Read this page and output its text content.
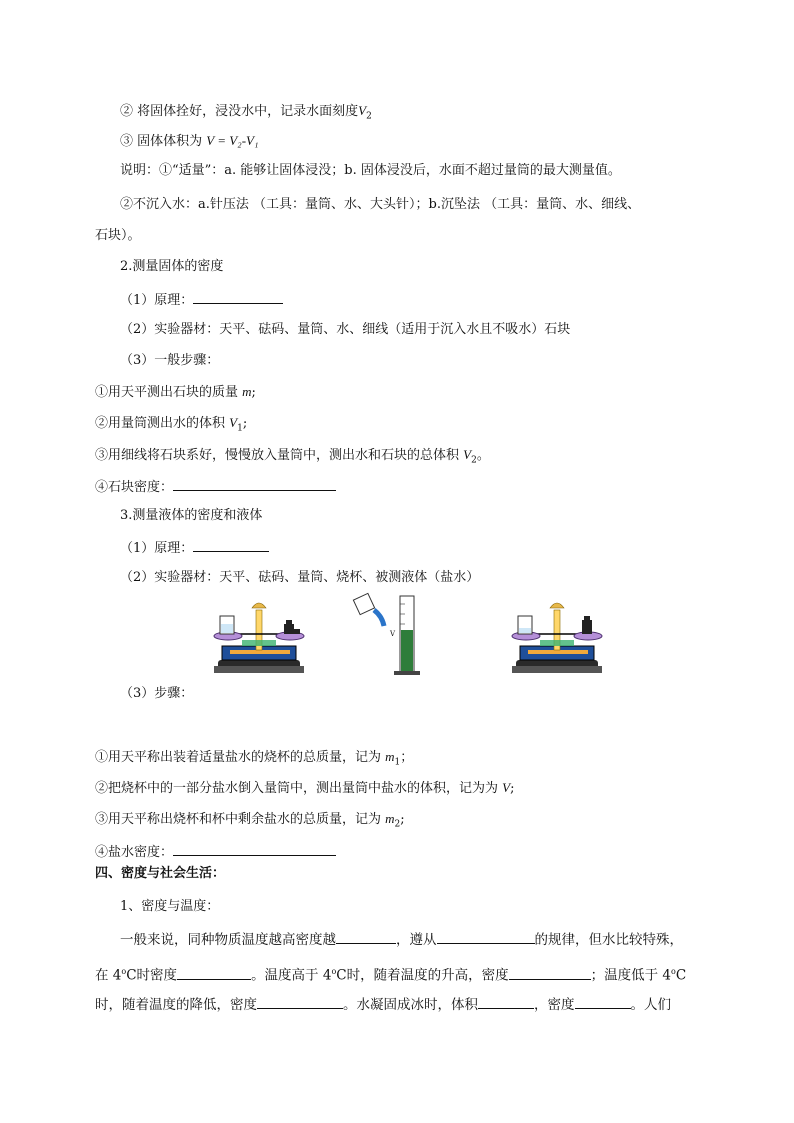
② 将固体拴好，浸没水中，记录水面刻度$V_2$
③ 固体体积为 V = V₂-V₁
说明：①“适量”：a. 能够让固体浸没；b. 固体浸没后，水面不超过量筒的最大测量值。
②不沉入水：a.针压法 （工具：量筒、水、大头针）；b.沉坠法 （工具：量筒、水、细线、
石块）。
2.测量固体的密度
（1）原理：
（2）实验器材：天平、砝码、量筒、水、细线（适用于沉入水且不吸水）石块
（3）一般步骤：
①用天平测出石块的质量 m;
②用量筒测出水的体积 $V_1$;
③用细线将石块系好，慢慢放入量筒中，测出水和石块的总体积 $V_2$。
④石块密度：
3.测量液体的密度和液体
（1）原理：
（2）实验器材：天平、砝码、量筒、烧杯、被测液体（盐水）
V
（3）步骤：
①用天平称出装着适量盐水的烧杯的总质量，记为 $m_1$；
②把烧杯中的一部分盐水倒入量筒中，测出量筒中盐水的体积，记为为 V;
③用天平称出烧杯和杯中剩余盐水的总质量，记为 $m_2$;
④盐水密度：
四、密度与社会生活：
1、密度与温度：
一般来说，同种物质温度越高密度越	，遵从	的规律，但水比较特殊，
在 4$^o$C时密度	。温度高于 4$^o$C时，随着温度的升高，密度	；温度低于 4$^o$C
时，随着温度的降低，密度	。水凝固成冰时，体积	，密度	。人们
